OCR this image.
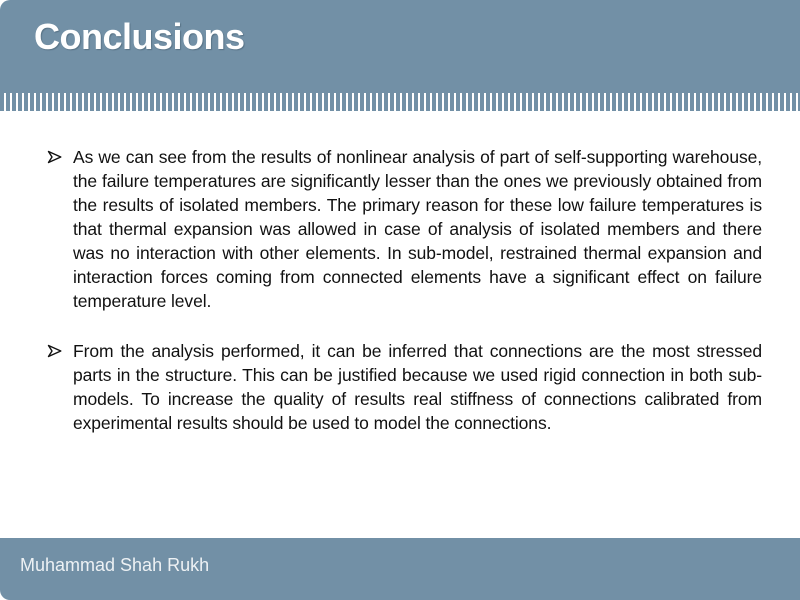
Conclusions
As we can see from the results of nonlinear analysis of part of self-supporting warehouse, the failure temperatures are significantly lesser than the ones we previously obtained from the results of isolated members. The primary reason for these low failure temperatures is that thermal expansion was allowed in case of analysis of isolated members and there was no interaction with other elements. In sub-model, restrained thermal expansion and interaction forces coming from connected elements have a significant effect on failure temperature level.
From the analysis performed, it can be inferred that connections are the most stressed parts in the structure. This can be justified because we used rigid connection in both sub-models. To increase the quality of results real stiffness of connections calibrated from experimental results should be used to model the connections.

Muhammad Shah Rukh
